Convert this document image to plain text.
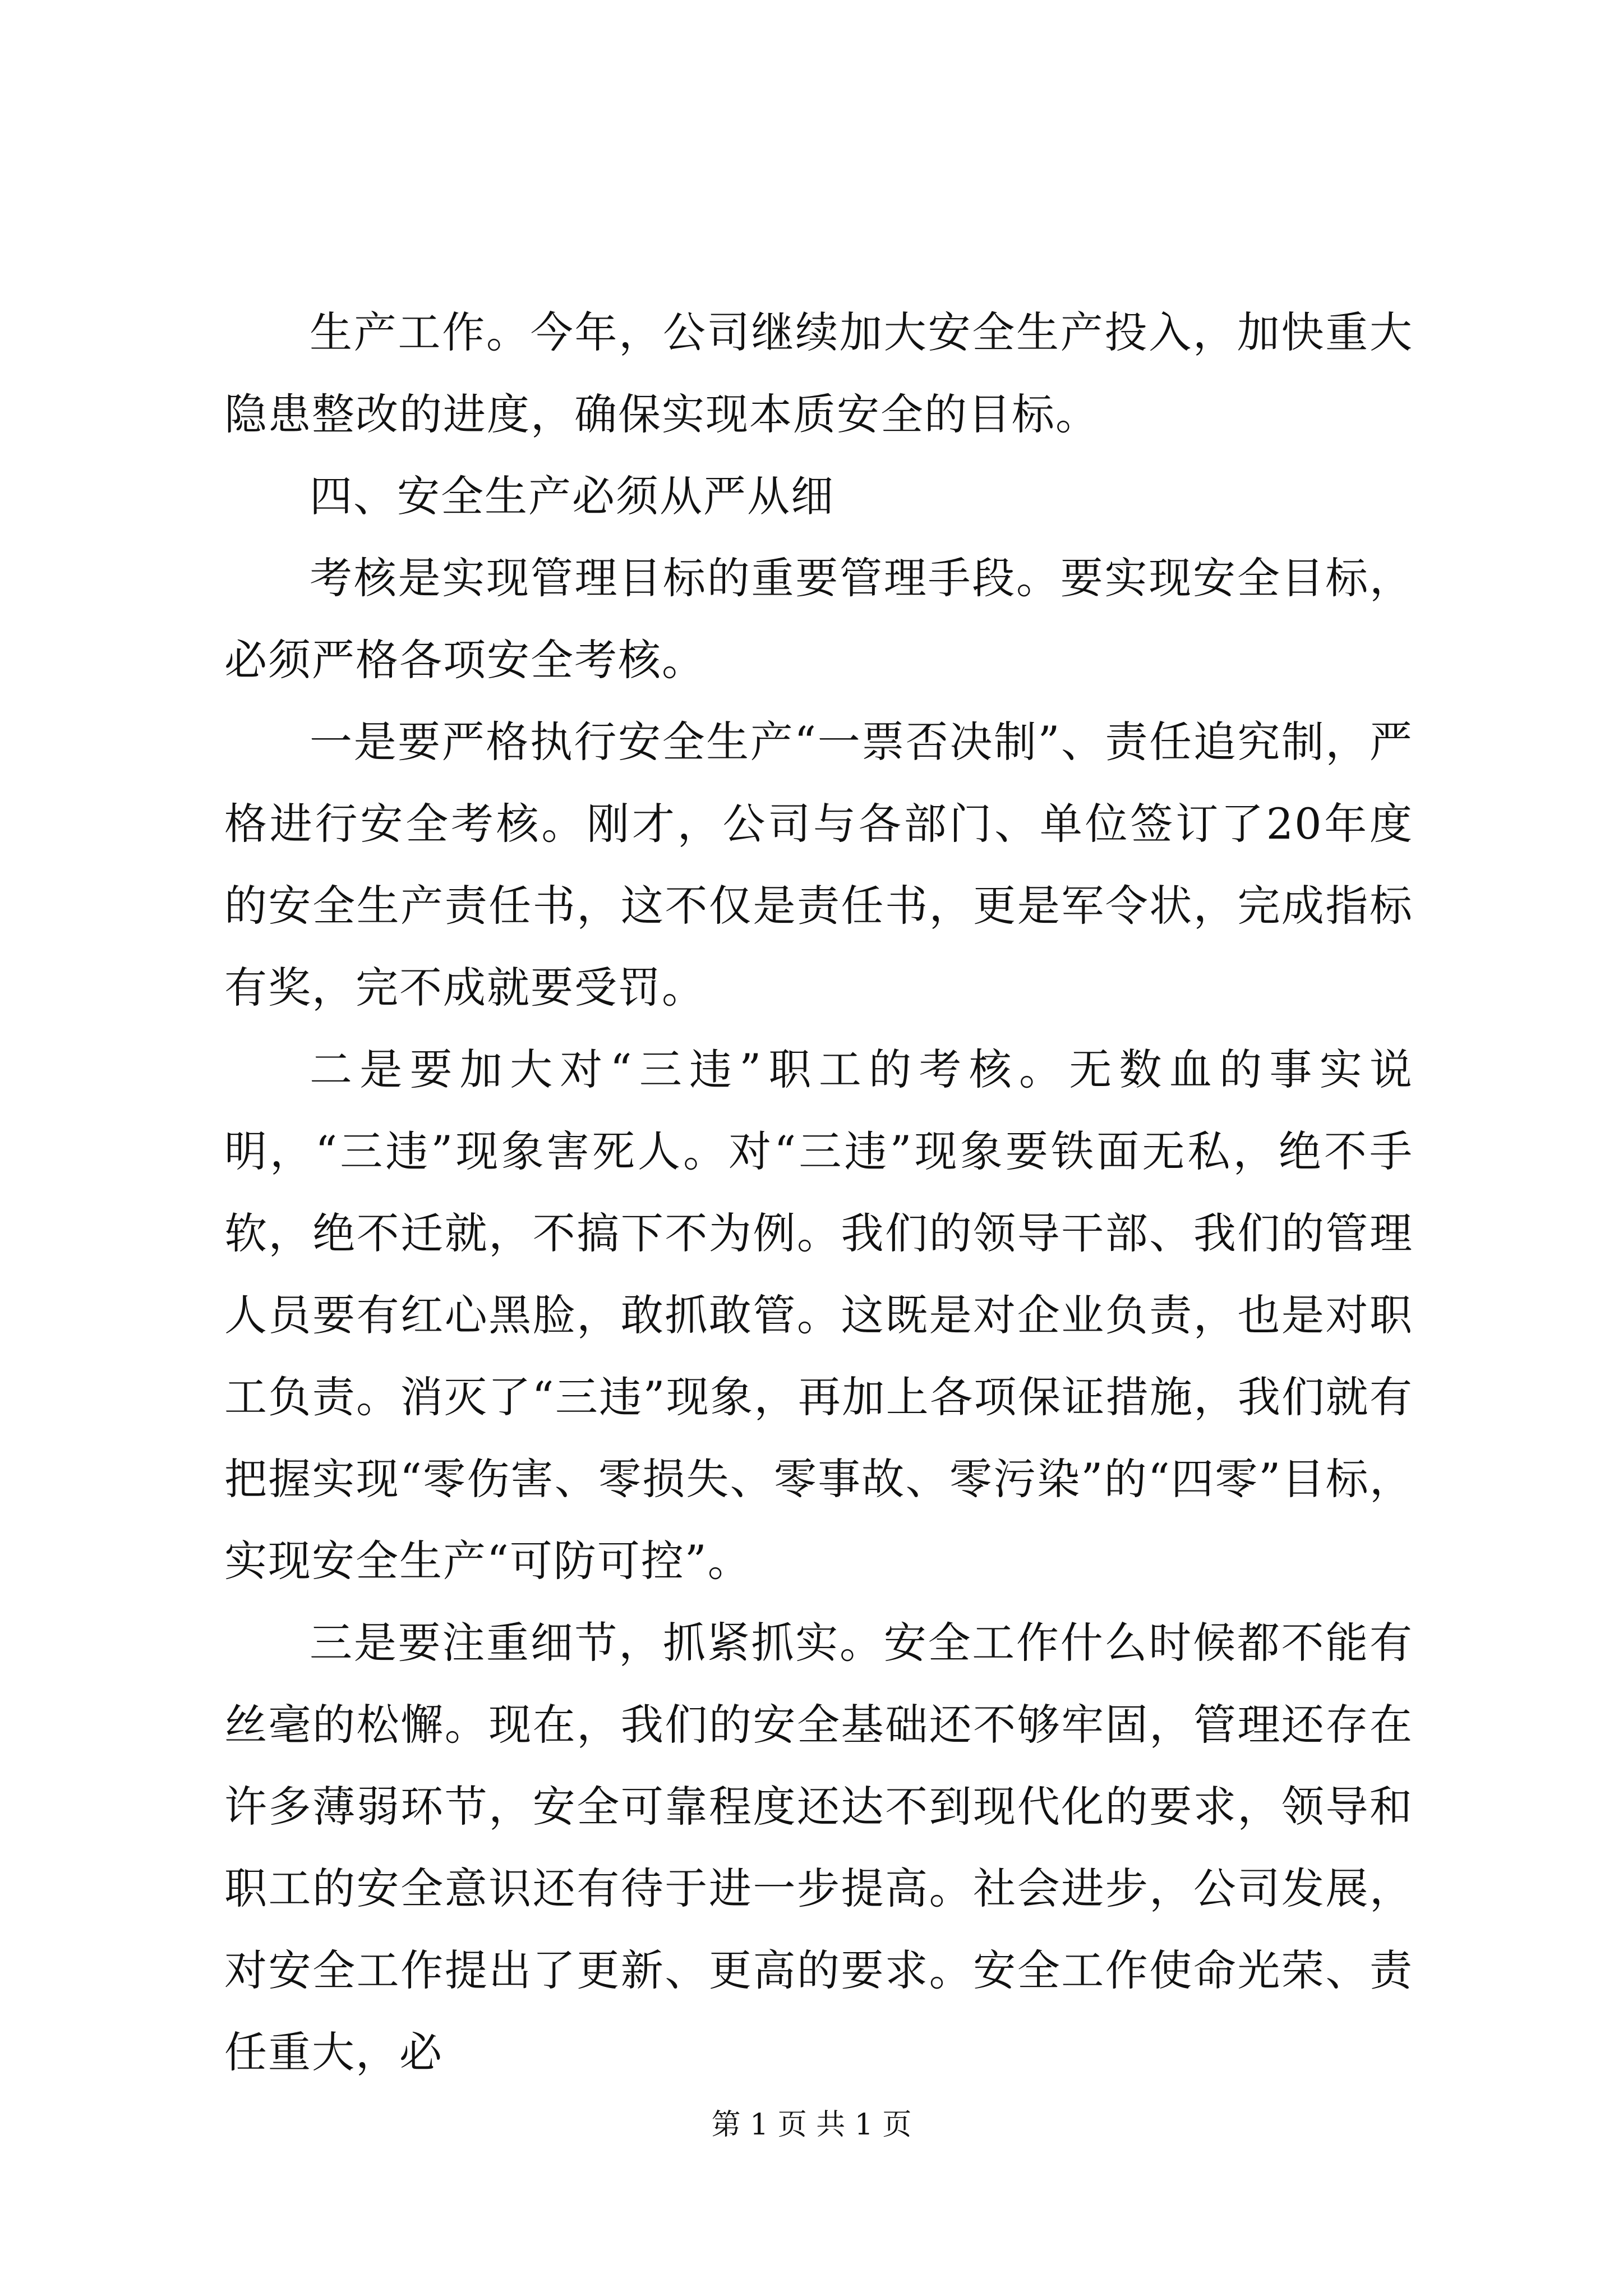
生产工作。今年，公司继续加大安全生产投入，加快重大隐患整改的进度，确保实现本质安全的目标。

四、安全生产必须从严从细

考核是实现管理目标的重要管理手段。要实现安全目标，必须严格各项安全考核。

一是要严格执行安全生产“一票否决制”、责任追究制，严格进行安全考核。刚才，公司与各部门、单位签订了20年度的安全生产责任书，这不仅是责任书，更是军令状，完成指标有奖，完不成就要受罚。

二是要加大对“三违”职工的考核。无数血的事实说明，“三违”现象害死人。对“三违”现象要铁面无私，绝不手软，绝不迁就，不搞下不为例。我们的领导干部、我们的管理人员要有红心黑脸，敢抓敢管。这既是对企业负责，也是对职工负责。消灭了“三违”现象，再加上各项保证措施，我们就有把握实现“零伤害、零损失、零事故、零污染”的“四零”目标，实现安全生产“可防可控”。

三是要注重细节，抓紧抓实。安全工作什么时候都不能有丝毫的松懈。现在，我们的安全基础还不够牢固，管理还存在许多薄弱环节，安全可靠程度还达不到现代化的要求，领导和职工的安全意识还有待于进一步提高。社会进步，公司发展，对安全工作提出了更新、更高的要求。安全工作使命光荣、责任重大，必

第 1 页 共 1 页
